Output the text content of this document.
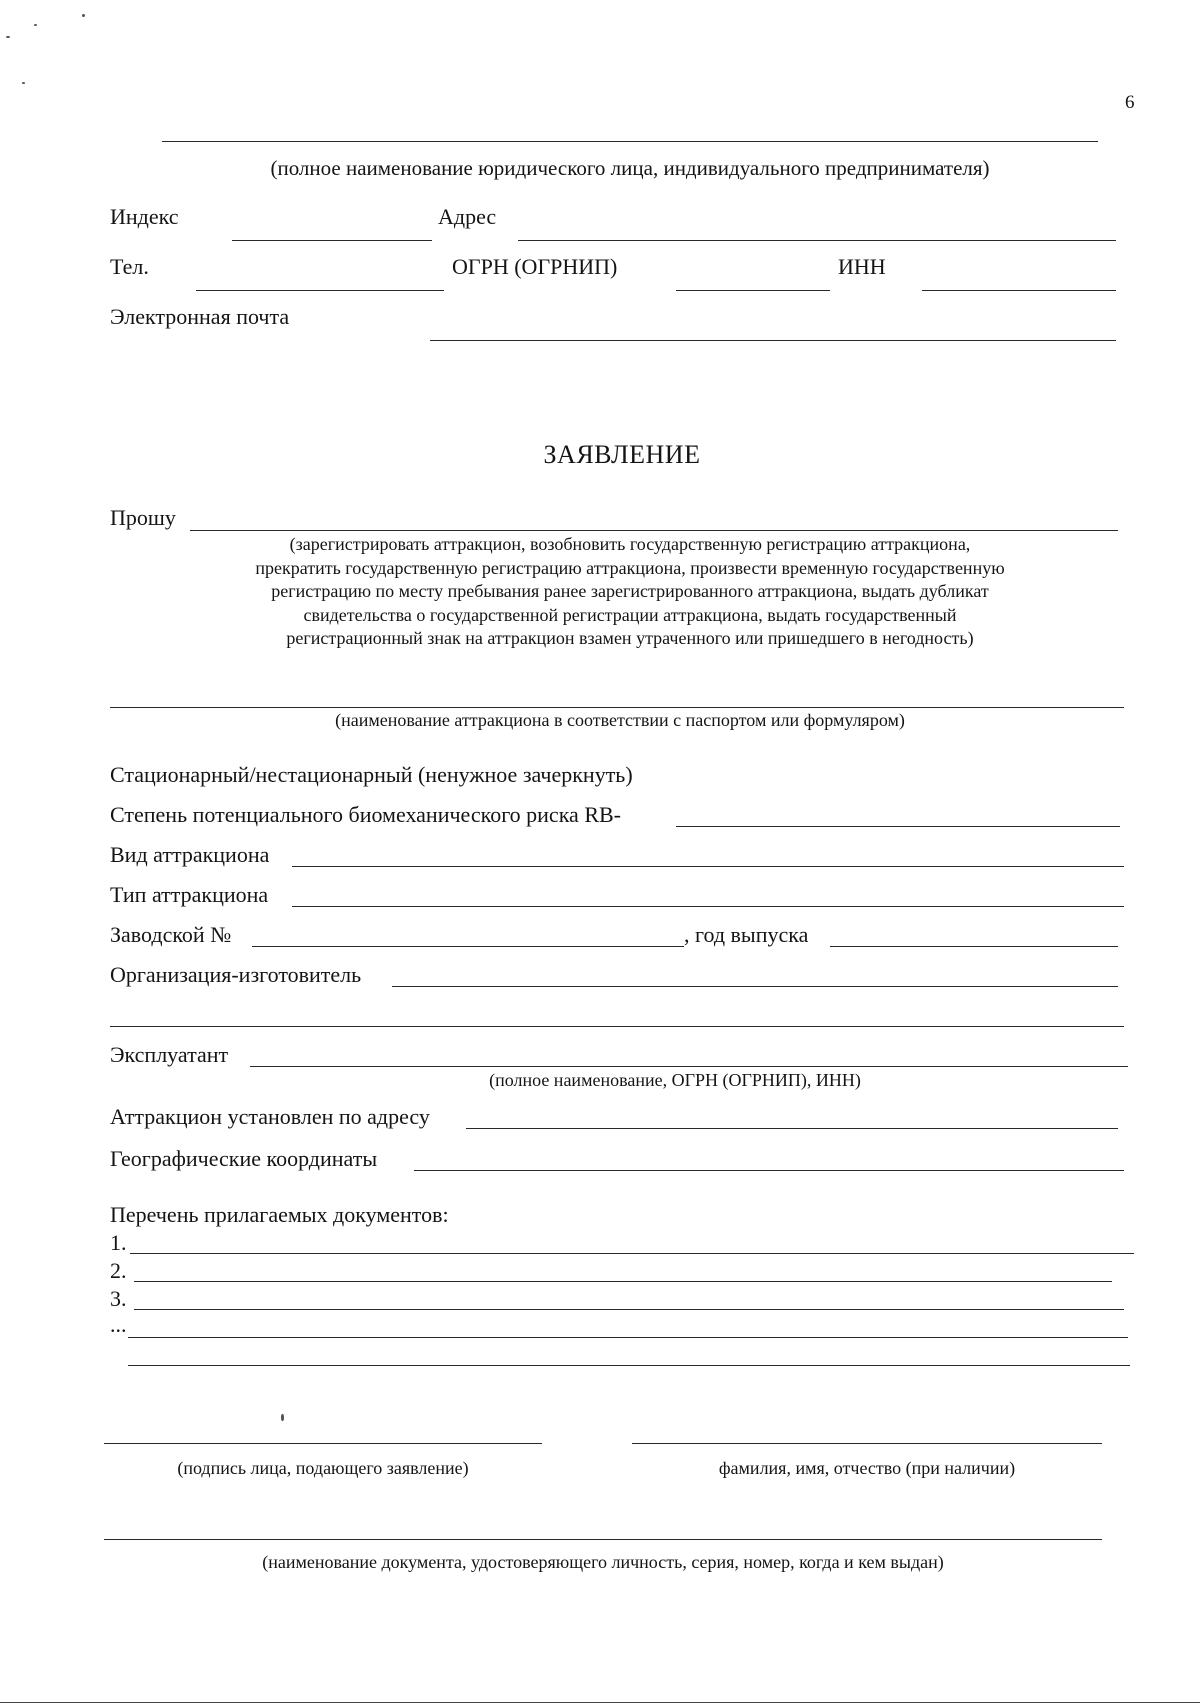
6
(полное наименование юридического лица, индивидуального предпринимателя)
Индекс	Адрес
Тел.	ОГРН (ОГРНИП)	ИНН
Электронная почта
ЗАЯВЛЕНИЕ
Прошу
(зарегистрировать аттракцион, возобновить государственную регистрацию аттракциона,
прекратить государственную регистрацию аттракциона, произвести временную государственную
регистрацию по месту пребывания ранее зарегистрированного аттракциона, выдать дубликат
свидетельства о государственной регистрации аттракциона, выдать государственный
регистрационный знак на аттракцион взамен утраченного или пришедшего в негодность)
(наименование аттракциона в соответствии с паспортом или формуляром)
Стационарный/нестационарный (ненужное зачеркнуть)
Степень потенциального биомеханического риска RB-
Вид аттракциона
Тип аттракциона
Заводской №	, год выпуска
Организация-изготовитель
Эксплуатант
(полное наименование, ОГРН (ОГРНИП), ИНН)
Аттракцион установлен по адресу
Географические координаты
Перечень прилагаемых документов:
1.
2.
3.
...
(подпись лица, подающего заявление)	фамилия, имя, отчество (при наличии)
(наименование документа, удостоверяющего личность, серия, номер, когда и кем выдан)
